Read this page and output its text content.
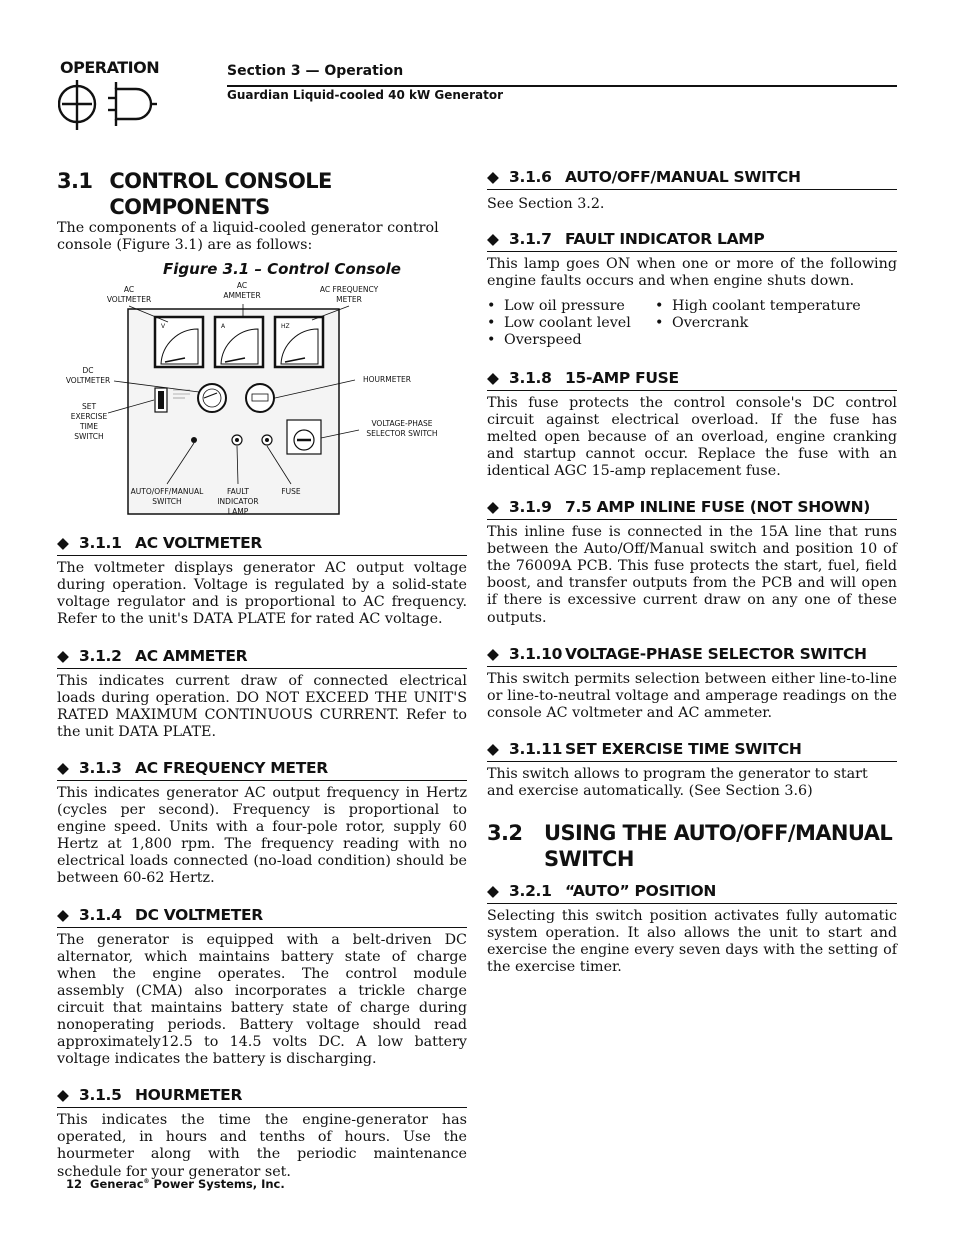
OPERATION	Section 3 — Operation
Guardian Liquid-cooled 40 kW Generator
3.1 CONTROL CONSOLE COMPONENTS

The components of a liquid-cooled generator control console (Figure 3.1) are as follows:

Figure 3.1 – Control Console
V	A	HZ
AC VOLTMETER
AC AMMETER
AC FREQUENCY METER
DC VOLTMETER	HOURMETER
SET EXERCISE TIME SWITCH
VOLTAGE-PHASE SELECTOR SWITCH
AUTO/OFF/MANUAL SWITCH
FAULT INDICATOR LAMP
FUSE
◆ 3.1.1 AC VOLTMETER

The voltmeter displays generator AC output voltage during operation. Voltage is regulated by a solid-state voltage regulator and is proportional to AC frequency. Refer to the unit's DATA PLATE for rated AC voltage.

◆ 3.1.2 AC AMMETER

This indicates current draw of connected electrical loads during operation. DO NOT EXCEED THE UNIT'S RATED MAXIMUM CONTINUOUS CURRENT. Refer to the unit DATA PLATE.

◆ 3.1.3 AC FREQUENCY METER

This indicates generator AC output frequency in Hertz (cycles per second). Frequency is proportional to engine speed. Units with a four-pole rotor, supply 60 Hertz at 1,800 rpm. The frequency reading with no electrical loads connected (no-load condition) should be between 60-62 Hertz.

◆ 3.1.4 DC VOLTMETER

The generator is equipped with a belt-driven DC alternator, which maintains battery state of charge when the engine operates. The control module assembly (CMA) also incorporates a trickle charge circuit that maintains battery state of charge during nonoperating periods. Battery voltage should read approximately12.5 to 14.5 volts DC. A low battery voltage indicates the battery is discharging.

◆ 3.1.5 HOURMETER

This indicates the time the engine-generator has operated, in hours and tenths of hours. Use the hourmeter along with the periodic maintenance schedule for your generator set.

◆ 3.1.6 AUTO/OFF/MANUAL SWITCH

See Section 3.2.

◆ 3.1.7 FAULT INDICATOR LAMP

This lamp goes ON when one or more of the following engine faults occurs and when engine shuts down.

• Low oil pressure	• High coolant temperature
• Low coolant level	• Overcrank
• Overspeed
◆ 3.1.8 15-AMP FUSE

This fuse protects the control console's DC control circuit against electrical overload. If the fuse has melted open because of an overload, engine cranking and startup cannot occur. Replace the fuse with an identical AGC 15-amp replacement fuse.

◆ 3.1.9 7.5 AMP INLINE FUSE (NOT SHOWN)

This inline fuse is connected in the 15A line that runs between the Auto/Off/Manual switch and position 10 of the 76009A PCB. This fuse protects the start, fuel, field boost, and transfer outputs from the PCB and will open if there is excessive current draw on any one of these outputs.

◆ 3.1.10 VOLTAGE-PHASE SELECTOR SWITCH

This switch permits selection between either line-to-line or line-to-neutral voltage and amperage readings on the console AC voltmeter and AC ammeter.

◆ 3.1.11 SET EXERCISE TIME SWITCH

This switch allows to program the generator to start and exercise automatically. (See Section 3.6)

3.2	USING THE AUTO/OFF/MANUAL
SWITCH
◆ 3.2.1 “AUTO” POSITION

Selecting this switch position activates fully automatic system operation. It also allows the unit to start and exercise the engine every seven days with the setting of the exercise timer.

12 Generac® Power Systems, Inc.
